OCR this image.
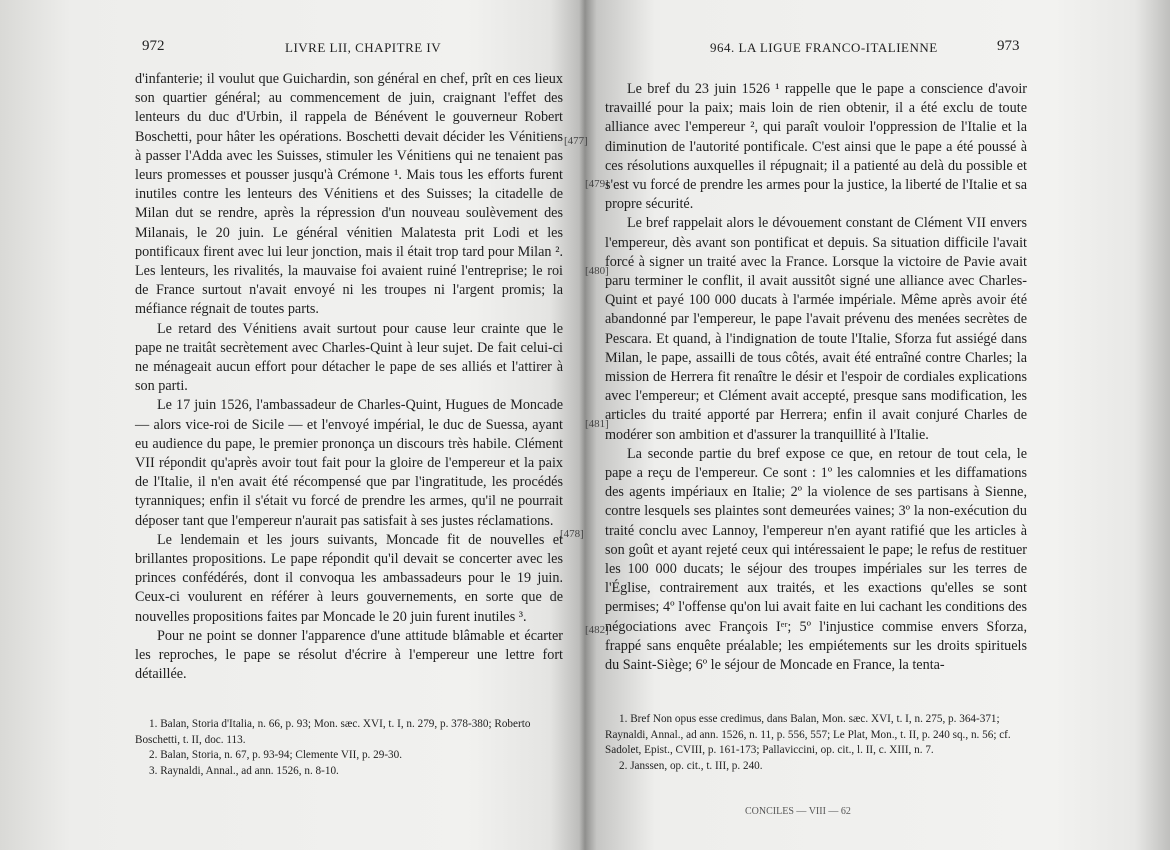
972	LIVRE LII, CHAPITRE IV

d'infanterie; il voulut que Guichardin, son général en chef, prît en ces lieux son quartier général; au commencement de juin, craignant l'effet des lenteurs du duc d'Urbin, il rappela de Bénévent le gouverneur Robert Boschetti, pour hâter les opérations. Boschetti devait décider les Vénitiens à passer l'Adda avec les Suisses, stimuler les Vénitiens qui ne tenaient pas leurs promesses et pousser jusqu'à Crémone ¹. Mais tous les efforts furent inutiles contre les lenteurs des Vénitiens et des Suisses; la citadelle de Milan dut se rendre, après la répression d'un nouveau soulèvement des Milanais, le 20 juin. Le général vénitien Malatesta prit Lodi et les pontificaux firent avec lui leur jonction, mais il était trop tard pour Milan ². Les lenteurs, les rivalités, la mauvaise foi avaient ruiné l'entreprise; le roi de France surtout n'avait envoyé ni les troupes ni l'argent promis; la méfiance régnait de toutes parts.

Le retard des Vénitiens avait surtout pour cause leur crainte que le pape ne traitât secrètement avec Charles-Quint à leur sujet. De fait celui-ci ne ménageait aucun effort pour détacher le pape de ses alliés et l'attirer à son parti.

Le 17 juin 1526, l'ambassadeur de Charles-Quint, Hugues de Moncade — alors vice-roi de Sicile — et l'envoyé impérial, le duc de Suessa, ayant eu audience du pape, le premier prononça un discours très habile. Clément VII répondit qu'après avoir tout fait pour la gloire de l'empereur et la paix de l'Italie, il n'en avait été récompensé que par l'ingratitude, les procédés tyranniques; enfin il s'était vu forcé de prendre les armes, qu'il ne pourrait déposer tant que l'empereur n'aurait pas satisfait à ses justes réclamations.

Le lendemain et les jours suivants, Moncade fit de nouvelles et brillantes propositions. Le pape répondit qu'il devait se concerter avec les princes confédérés, dont il convoqua les ambassadeurs pour le 19 juin. Ceux-ci voulurent en référer à leurs gouvernements, en sorte que de nouvelles propositions faites par Moncade le 20 juin furent inutiles ³.

Pour ne point se donner l'apparence d'une attitude blâmable et écarter les reproches, le pape se résolut d'écrire à l'empereur une lettre fort détaillée.

[477]
[478]

1. Balan, Storia d'Italia, n. 66, p. 93; Mon. sæc. XVI, t. I, n. 279, p. 378-380; Roberto Boschetti, t. II, doc. 113.

2. Balan, Storia, n. 67, p. 93-94; Clemente VII, p. 29-30.

3. Raynaldi, Annal., ad ann. 1526, n. 8-10.

964. LA LIGUE FRANCO-ITALIENNE	973
[479]
[480]
[481]
[482]

Le bref du 23 juin 1526 ¹ rappelle que le pape a conscience d'avoir travaillé pour la paix; mais loin de rien obtenir, il a été exclu de toute alliance avec l'empereur ², qui paraît vouloir l'oppression de l'Italie et la diminution de l'autorité pontificale. C'est ainsi que le pape a été poussé à ces résolutions auxquelles il répugnait; il a patienté au delà du possible et s'est vu forcé de prendre les armes pour la justice, la liberté de l'Italie et sa propre sécurité.

Le bref rappelait alors le dévouement constant de Clément VII envers l'empereur, dès avant son pontificat et depuis. Sa situation difficile l'avait forcé à signer un traité avec la France. Lorsque la victoire de Pavie avait paru terminer le conflit, il avait aussitôt signé une alliance avec Charles-Quint et payé 100 000 ducats à l'armée impériale. Même après avoir été abandonné par l'empereur, le pape l'avait prévenu des menées secrètes de Pescara. Et quand, à l'indignation de toute l'Italie, Sforza fut assiégé dans Milan, le pape, assailli de tous côtés, avait été entraîné contre Charles; la mission de Herrera fit renaître le désir et l'espoir de cordiales explications avec l'empereur; et Clément avait accepté, presque sans modification, les articles du traité apporté par Herrera; enfin il avait conjuré Charles de modérer son ambition et d'assurer la tranquillité à l'Italie.

La seconde partie du bref expose ce que, en retour de tout cela, le pape a reçu de l'empereur. Ce sont : 1º les calomnies et les diffamations des agents impériaux en Italie; 2º la violence de ses partisans à Sienne, contre lesquels ses plaintes sont demeurées vaines; 3º la non-exécution du traité conclu avec Lannoy, l'empereur n'en ayant ratifié que les articles à son goût et ayant rejeté ceux qui intéressaient le pape; le refus de restituer les 100 000 ducats; le séjour des troupes impériales sur les terres de l'Église, contrairement aux traités, et les exactions qu'elles se sont permises; 4º l'offense qu'on lui avait faite en lui cachant les conditions des négociations avec François Iᵉʳ; 5º l'injustice commise envers Sforza, frappé sans enquête préalable; les empiétements sur les droits spirituels du Saint-Siège; 6º le séjour de Moncade en France, la tenta-

1. Bref Non opus esse credimus, dans Balan, Mon. sæc. XVI, t. I, n. 275, p. 364-371; Raynaldi, Annal., ad ann. 1526, n. 11, p. 556, 557; Le Plat, Mon., t. II, p. 240 sq., n. 56; cf. Sadolet, Epist., CVIII, p. 161-173; Pallaviccini, op. cit., l. II, c. XIII, n. 7.

2. Janssen, op. cit., t. III, p. 240.

CONCILES — VIII — 62
